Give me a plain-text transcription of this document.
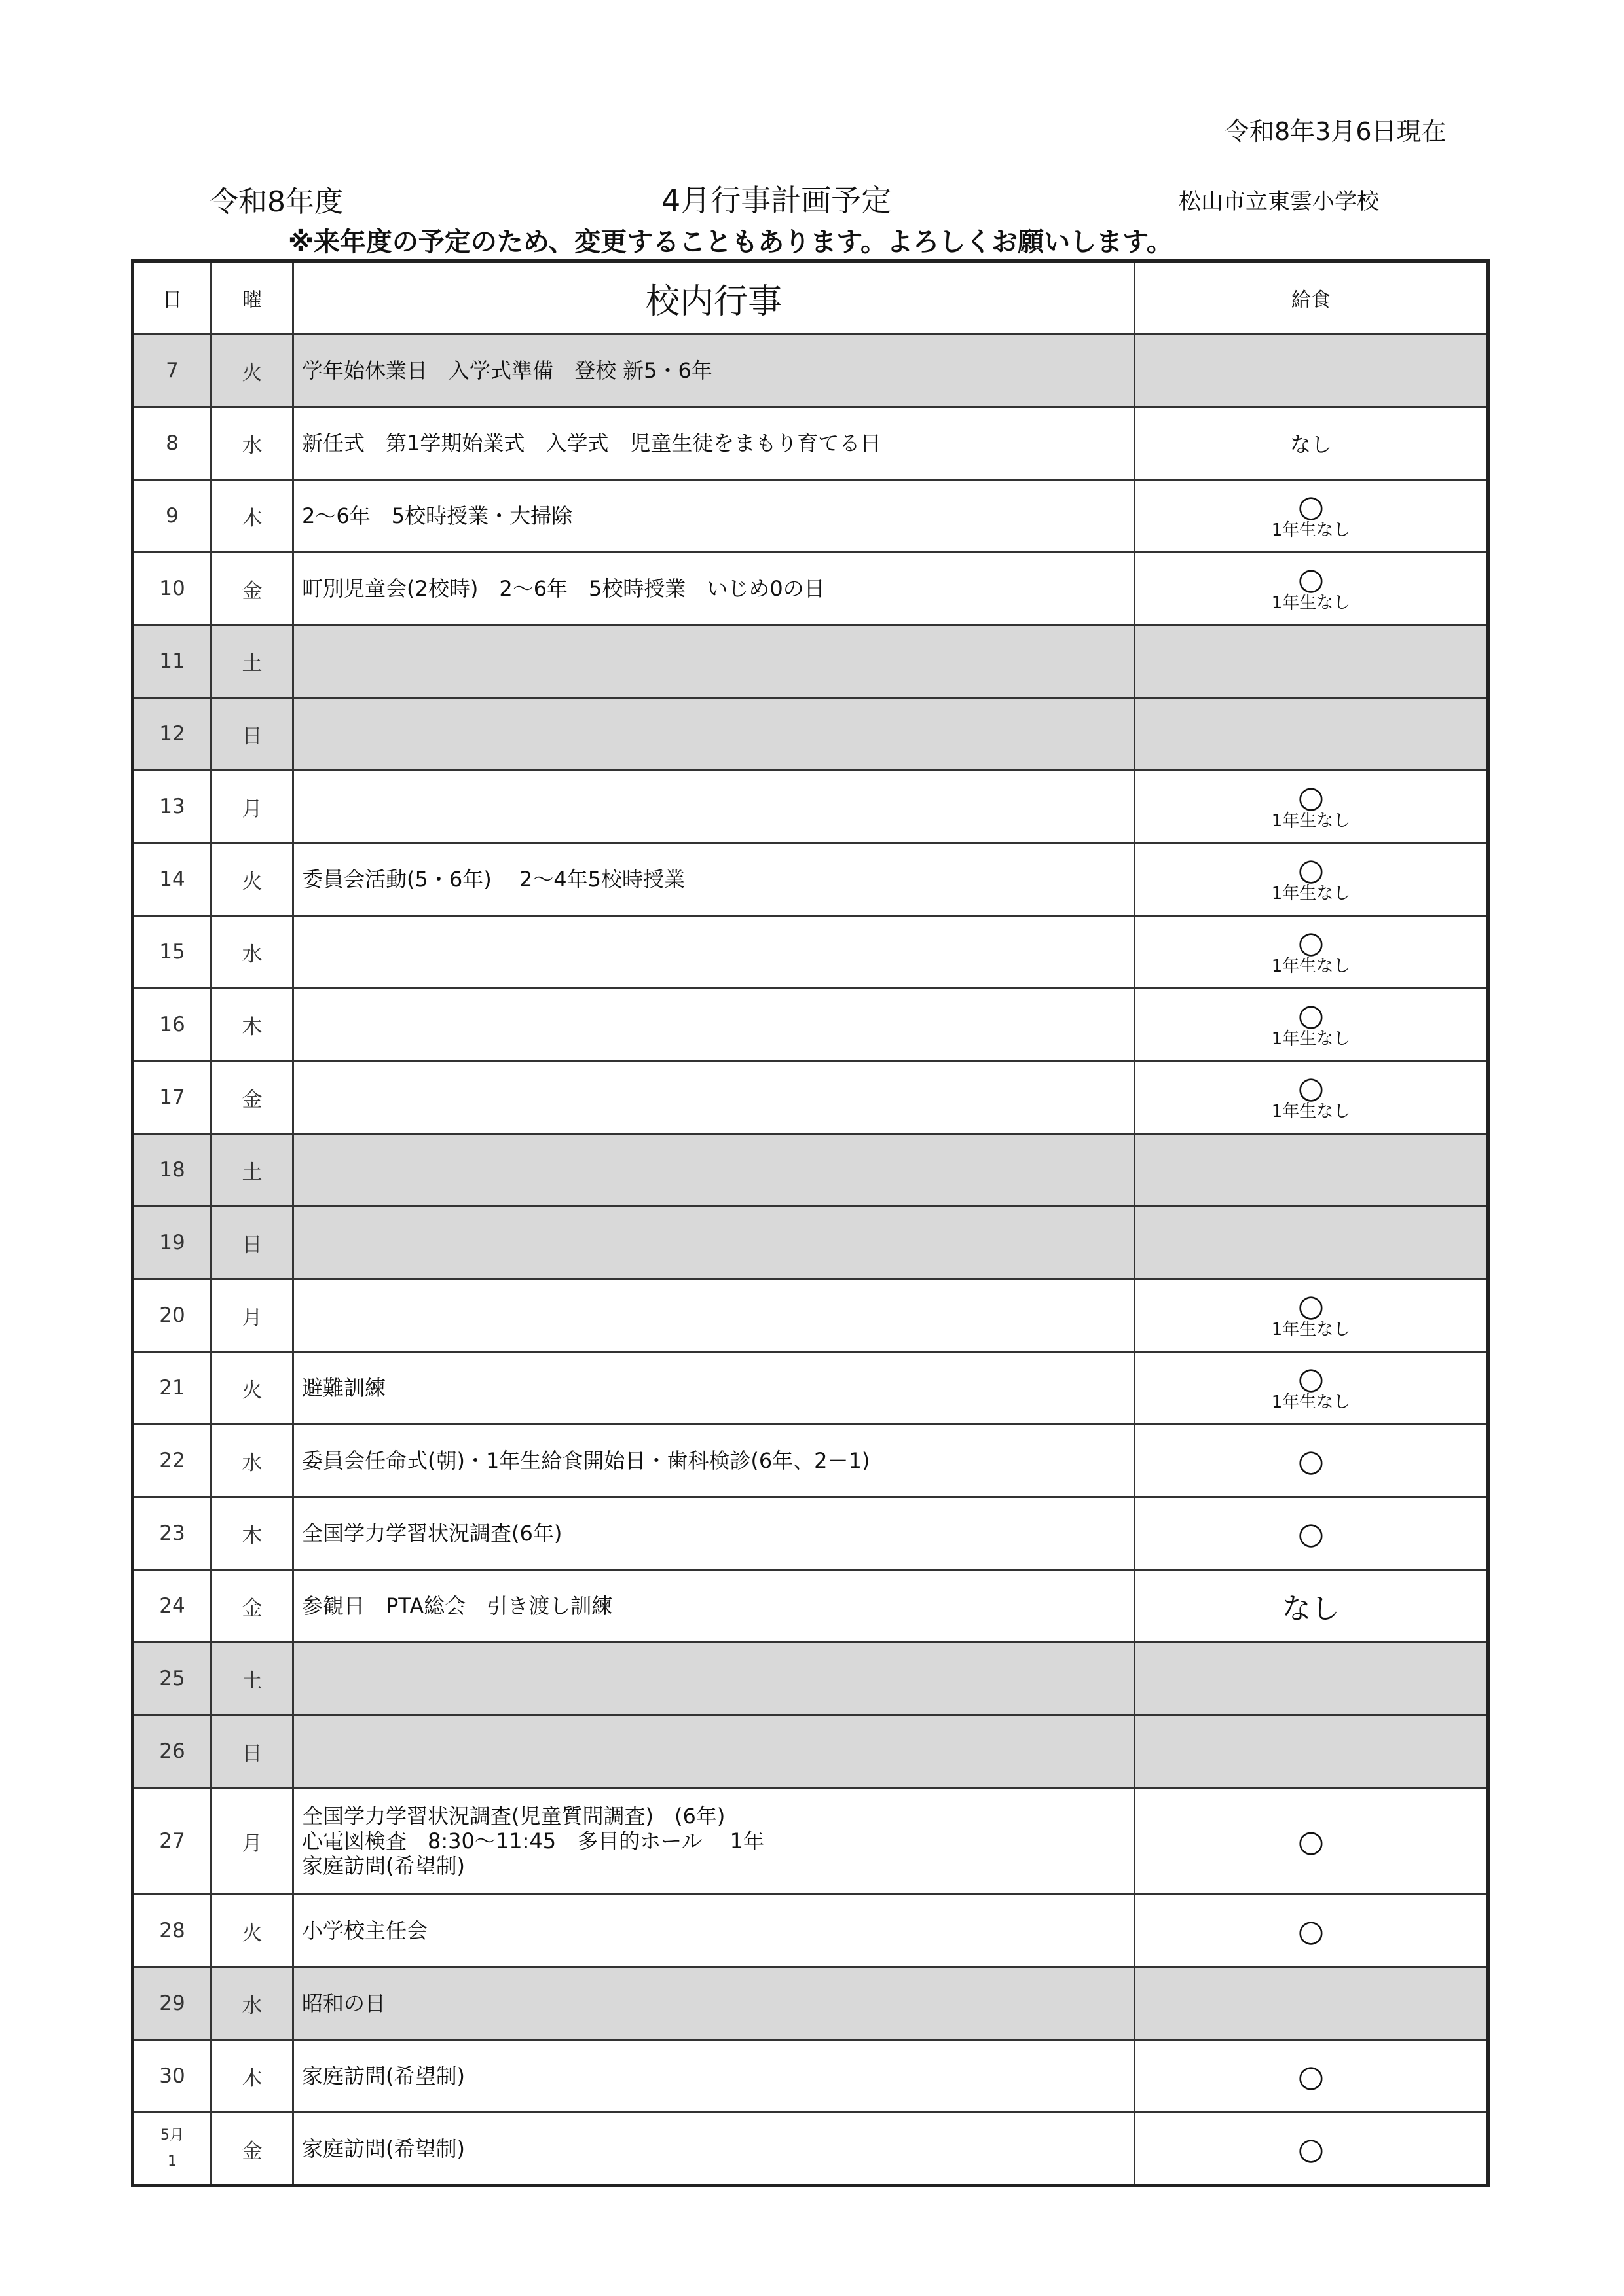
令和8年3月6日現在
令和8年度	4月行事計画予定	松山市立東雲小学校
※来年度の予定のため、変更することもあります。よろしくお願いします。
日	曜	校内行事	給食
7	火	学年始休業日　入学式準備　登校 新5・6年	

8	水	新任式　第1学期始業式　入学式　児童生徒をまもり育てる日	なし
9	木	2～6年　5校時授業・大掃除	○
1年生なし

10	金	町別児童会(2校時)　2～6年　5校時授業　いじめ0の日	○
1年生なし

11	土		
12	日		
13	月		○
1年生なし

14	火	委員会活動(5・6年)　 2～4年5校時授業	○
1年生なし

15	水		○
1年生なし

16	木		○
1年生なし

17	金		○
1年生なし

18	土		
19	日		
20	月		○
1年生なし

21	火	避難訓練	○
1年生なし

22	水	委員会任命式(朝)・1年生給食開始日・歯科検診(6年、2－1)	○

23	木	全国学力学習状況調査(6年)	○

24	金	参観日　PTA総会　引き渡し訓練	なし
25	土		
26	日		
27	月	全国学力学習状況調査(児童質問調査)　(6年)
心電図検査　8:30～11:45　多目的ホール　 1年
家庭訪問(希望制)	○

28	火	小学校主任会	○

29	水	昭和の日	

30	木	家庭訪問(希望制)	○

5月
1	金	家庭訪問(希望制)	○
